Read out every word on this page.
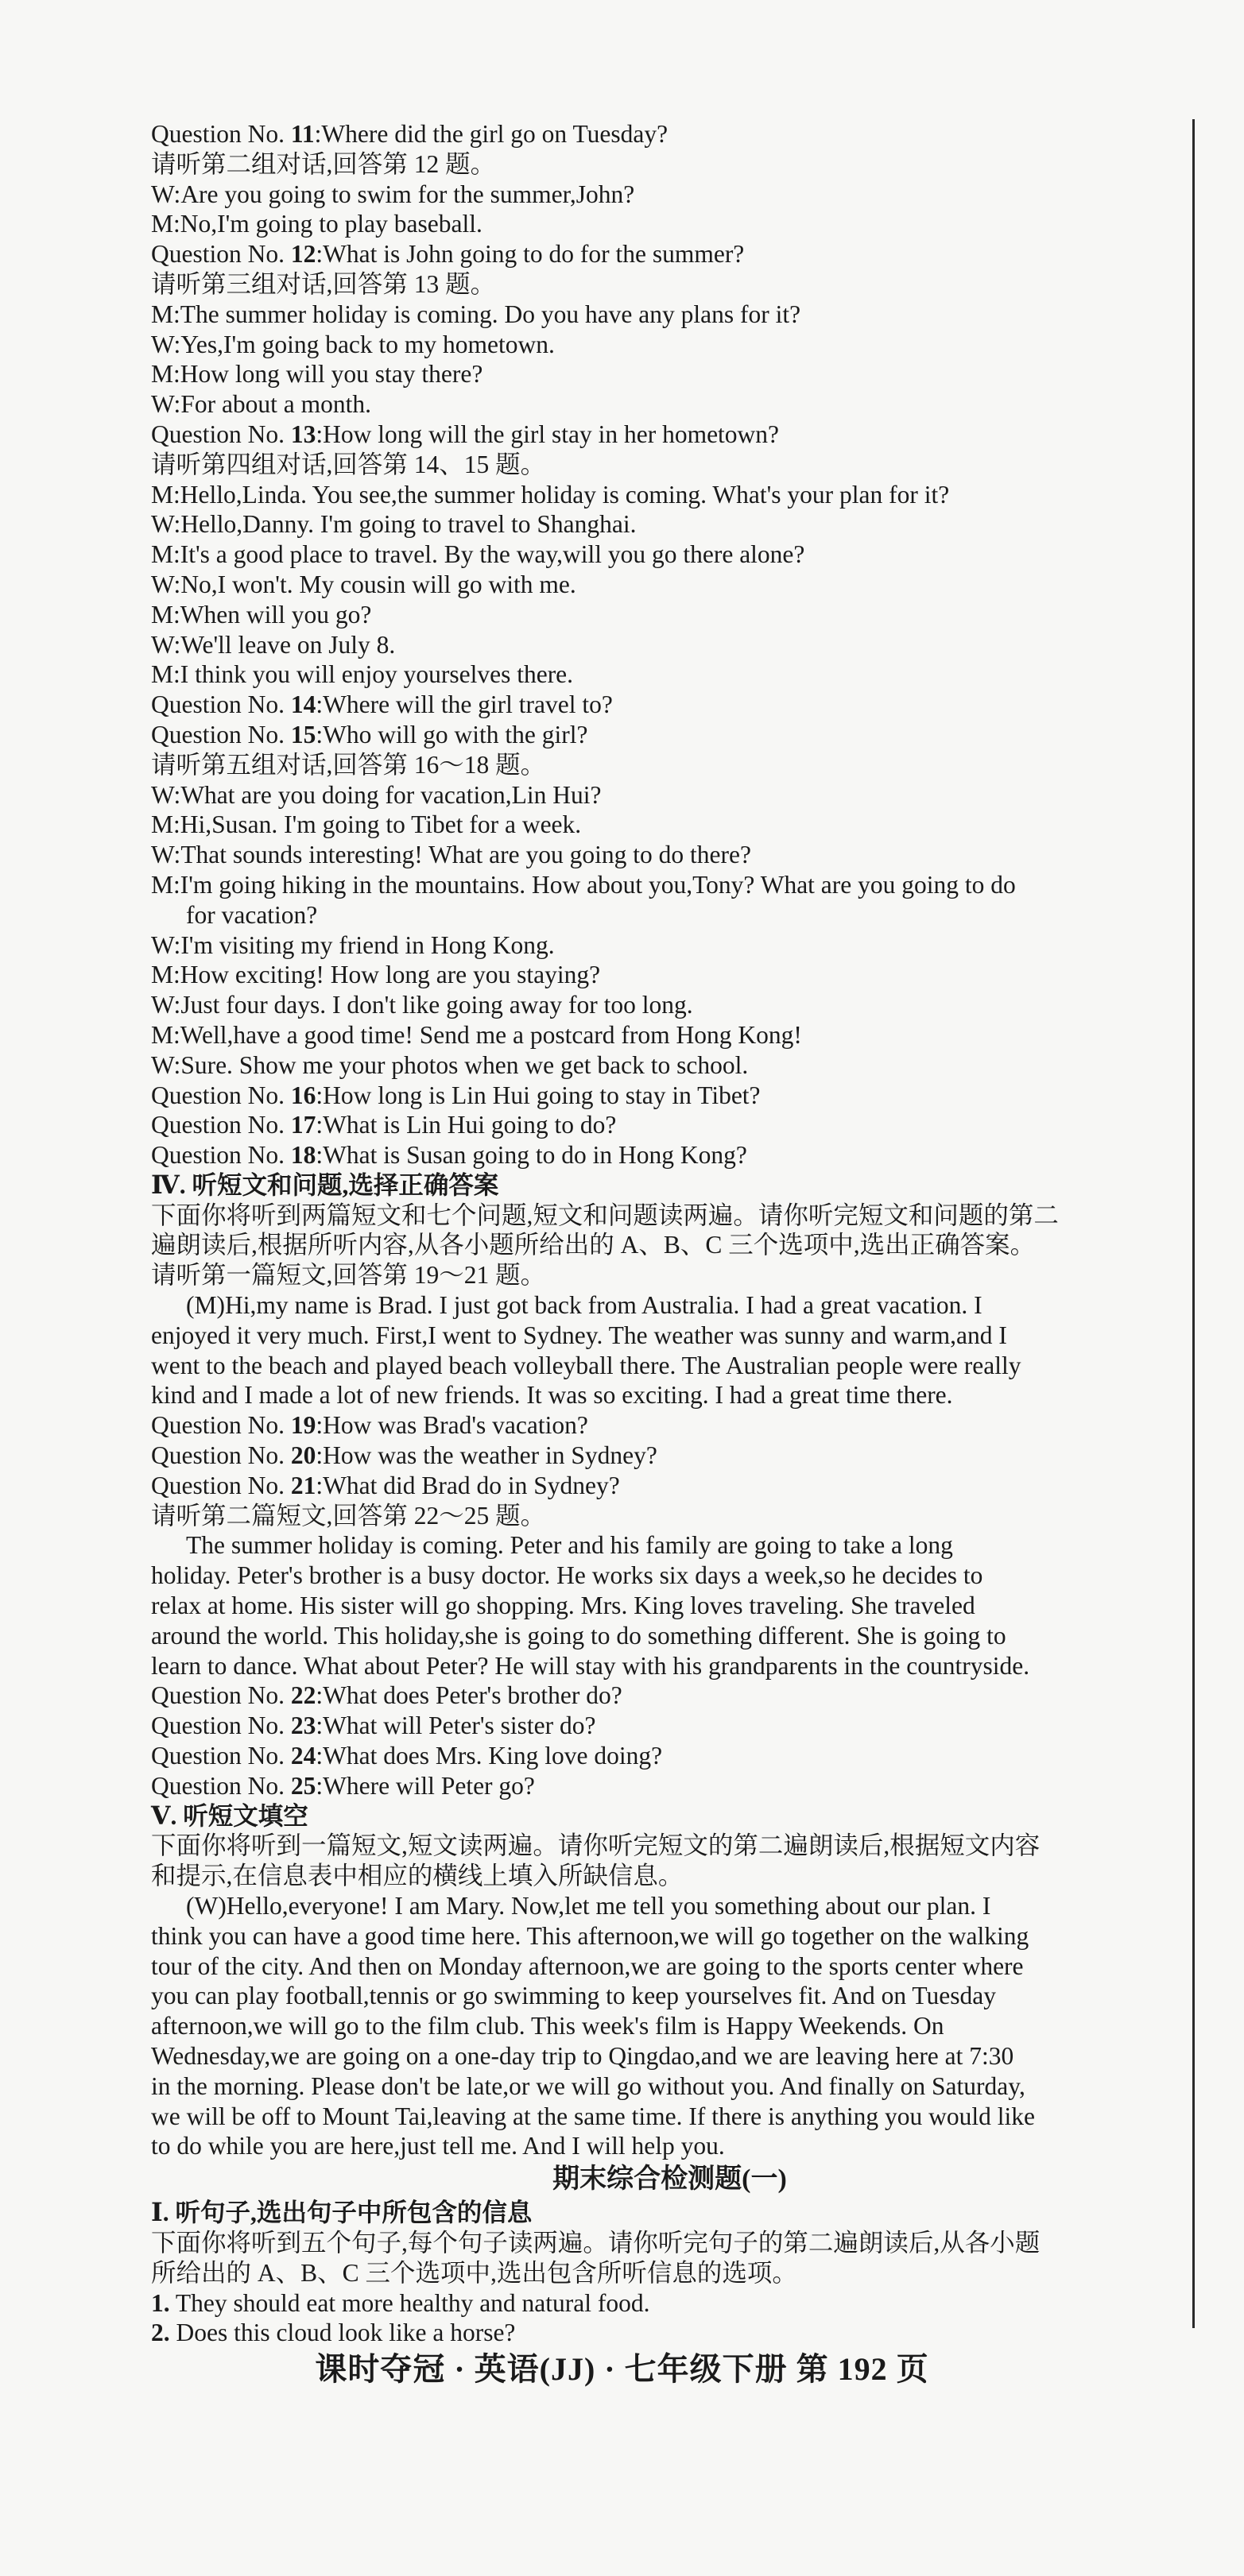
Question No. 11:Where did the girl go on Tuesday?
请听第二组对话,回答第 12 题。
W:Are you going to swim for the summer,John?
M:No,I'm going to play baseball.
Question No. 12:What is John going to do for the summer?
请听第三组对话,回答第 13 题。
M:The summer holiday is coming. Do you have any plans for it?
W:Yes,I'm going back to my hometown.
M:How long will you stay there?
W:For about a month.
Question No. 13:How long will the girl stay in her hometown?
请听第四组对话,回答第 14、15 题。
M:Hello,Linda. You see,the summer holiday is coming. What's your plan for it?
W:Hello,Danny. I'm going to travel to Shanghai.
M:It's a good place to travel. By the way,will you go there alone?
W:No,I won't. My cousin will go with me.
M:When will you go?
W:We'll leave on July 8.
M:I think you will enjoy yourselves there.
Question No. 14:Where will the girl travel to?
Question No. 15:Who will go with the girl?
请听第五组对话,回答第 16～18 题。
W:What are you doing for vacation,Lin Hui?
M:Hi,Susan. I'm going to Tibet for a week.
W:That sounds interesting! What are you going to do there?
M:I'm going hiking in the mountains. How about you,Tony? What are you going to do
for vacation?
W:I'm visiting my friend in Hong Kong.
M:How exciting! How long are you staying?
W:Just four days. I don't like going away for too long.
M:Well,have a good time! Send me a postcard from Hong Kong!
W:Sure. Show me your photos when we get back to school.
Question No. 16:How long is Lin Hui going to stay in Tibet?
Question No. 17:What is Lin Hui going to do?
Question No. 18:What is Susan going to do in Hong Kong?
Ⅳ. 听短文和问题,选择正确答案
下面你将听到两篇短文和七个问题,短文和问题读两遍。请你听完短文和问题的第二
遍朗读后,根据所听内容,从各小题所给出的 A、B、C 三个选项中,选出正确答案。
请听第一篇短文,回答第 19～21 题。
(M)Hi,my name is Brad. I just got back from Australia. I had a great vacation. I
enjoyed it very much. First,I went to Sydney. The weather was sunny and warm,and I
went to the beach and played beach volleyball there. The Australian people were really
kind and I made a lot of new friends. It was so exciting. I had a great time there.
Question No. 19:How was Brad's vacation?
Question No. 20:How was the weather in Sydney?
Question No. 21:What did Brad do in Sydney?
请听第二篇短文,回答第 22～25 题。
The summer holiday is coming. Peter and his family are going to take a long
holiday. Peter's brother is a busy doctor. He works six days a week,so he decides to
relax at home. His sister will go shopping. Mrs. King loves traveling. She traveled
around the world. This holiday,she is going to do something different. She is going to
learn to dance. What about Peter? He will stay with his grandparents in the countryside.
Question No. 22:What does Peter's brother do?
Question No. 23:What will Peter's sister do?
Question No. 24:What does Mrs. King love doing?
Question No. 25:Where will Peter go?
Ⅴ. 听短文填空
下面你将听到一篇短文,短文读两遍。请你听完短文的第二遍朗读后,根据短文内容
和提示,在信息表中相应的横线上填入所缺信息。
(W)Hello,everyone! I am Mary. Now,let me tell you something about our plan. I
think you can have a good time here. This afternoon,we will go together on the walking
tour of the city. And then on Monday afternoon,we are going to the sports center where
you can play football,tennis or go swimming to keep yourselves fit. And on Tuesday
afternoon,we will go to the film club. This week's film is Happy Weekends. On
Wednesday,we are going on a one-day trip to Qingdao,and we are leaving here at 7:30
in the morning. Please don't be late,or we will go without you. And finally on Saturday,
we will be off to Mount Tai,leaving at the same time. If there is anything you would like
to do while you are here,just tell me. And I will help you.
期末综合检测题(一)
Ⅰ. 听句子,选出句子中所包含的信息
下面你将听到五个句子,每个句子读两遍。请你听完句子的第二遍朗读后,从各小题
所给出的 A、B、C 三个选项中,选出包含所听信息的选项。
1. They should eat more healthy and natural food.
2. Does this cloud look like a horse?
课时夺冠 · 英语(JJ) · 七年级下册 第 192 页
